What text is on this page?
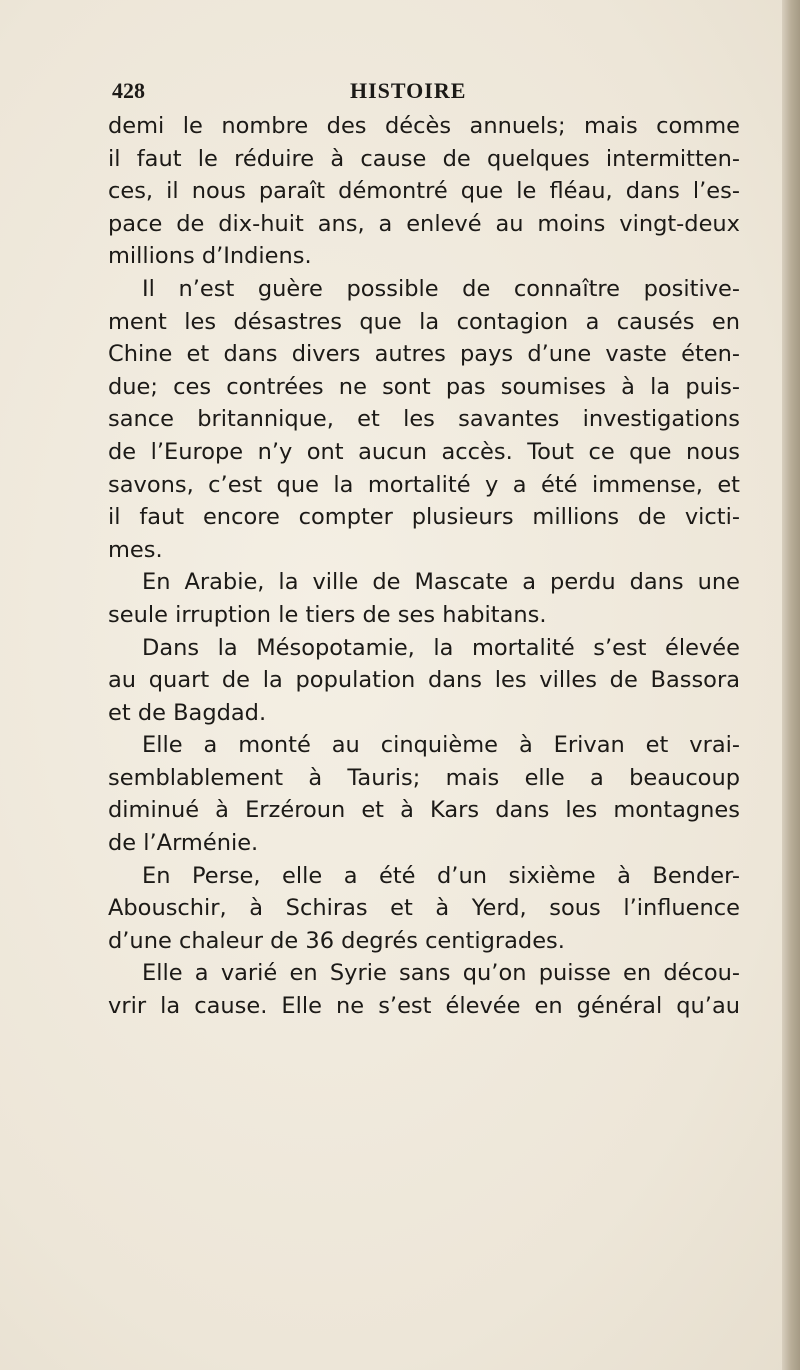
428	HISTOIRE
demi le nombre des décès annuels; mais comme
il faut le réduire à cause de quelques intermitten-
ces, il nous paraît démontré que le fléau, dans l’es-
pace de dix-huit ans, a enlevé au moins vingt-deux
millions d’Indiens.
Il n’est guère possible de connaître positive-
ment les désastres que la contagion a causés en
Chine et dans divers autres pays d’une vaste éten-
due; ces contrées ne sont pas soumises à la puis-
sance britannique, et les savantes investigations
de l’Europe n’y ont aucun accès. Tout ce que nous
savons, c’est que la mortalité y a été immense, et
il faut encore compter plusieurs millions de victi-
mes.
En Arabie, la ville de Mascate a perdu dans une
seule irruption le tiers de ses habitans.
Dans la Mésopotamie, la mortalité s’est élevée
au quart de la population dans les villes de Bassora
et de Bagdad.
Elle a monté au cinquième à Erivan et vrai-
semblablement à Tauris; mais elle a beaucoup
diminué à Erzéroun et à Kars dans les montagnes
de l’Arménie.
En Perse, elle a été d’un sixième à Bender-
Abouschir, à Schiras et à Yerd, sous l’influence
d’une chaleur de 36 degrés centigrades.
Elle a varié en Syrie sans qu’on puisse en décou-
vrir la cause. Elle ne s’est élevée en général qu’au
